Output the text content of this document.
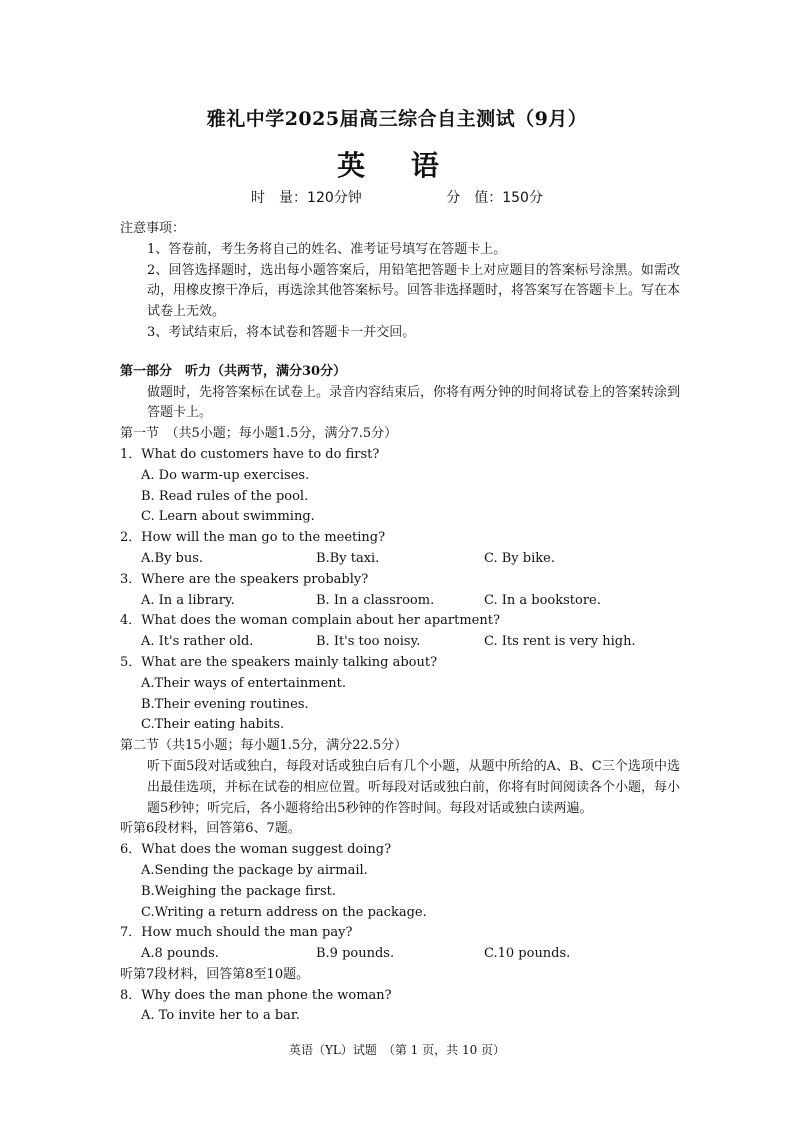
雅礼中学2025届高三综合自主测试（9月）
英 语
时　量：120分钟	分　值：150分
注意事项：
1、答卷前，考生务将自己的姓名、准考证号填写在答题卡上。
2、回答选择题时，选出每小题答案后，用铅笔把答题卡上对应题目的答案标号涂黑。如需改动，用橡皮擦干净后，再选涂其他答案标号。回答非选择题时，将答案写在答题卡上。写在本试卷上无效。
3、考试结束后，将本试卷和答题卡一并交回。
第一部分　听力（共两节，满分30分）
做题时，先将答案标在试卷上。录音内容结束后，你将有两分钟的时间将试卷上的答案转涂到答题卡上。
第一节　（共5小题；每小题1.5分，满分7.5分）
1．What do customers have to do first?
A. Do warm-up exercises.
B. Read rules of the pool.
C. Learn about swimming.
2．How will the man go to the meeting?
A.By bus.	B.By taxi.	C. By bike.
3．Where are the speakers probably?
A. In a library.	B. In a classroom.	C. In a bookstore.
4．What does the woman complain about her apartment?
A. It's rather old.	B. It's too noisy.	C. Its rent is very high.
5．What are the speakers mainly talking about?
A.Their ways of entertainment.
B.Their evening routines.
C.Their eating habits.
第二节（共15小题；每小题1.5分，满分22.5分）
听下面5段对话或独白，每段对话或独白后有几个小题，从题中所给的A、B、C三个选项中选出最佳选项，并标在试卷的相应位置。听每段对话或独白前，你将有时间阅读各个小题，每小题5秒钟；听完后，各小题将给出5秒钟的作答时间。每段对话或独白读两遍。
听第6段材料，回答第6、7题。
6．What does the woman suggest doing?
A.Sending the package by airmail.
B.Weighing the package first.
C.Writing a return address on the package.
7．How much should the man pay?
A.8 pounds.	B.9 pounds.	C.10 pounds.
听第7段材料，回答第8至10题。
8．Why does the man phone the woman?
A. To invite her to a bar.
英语（YL）试题　（第 1 页，共 10 页）
